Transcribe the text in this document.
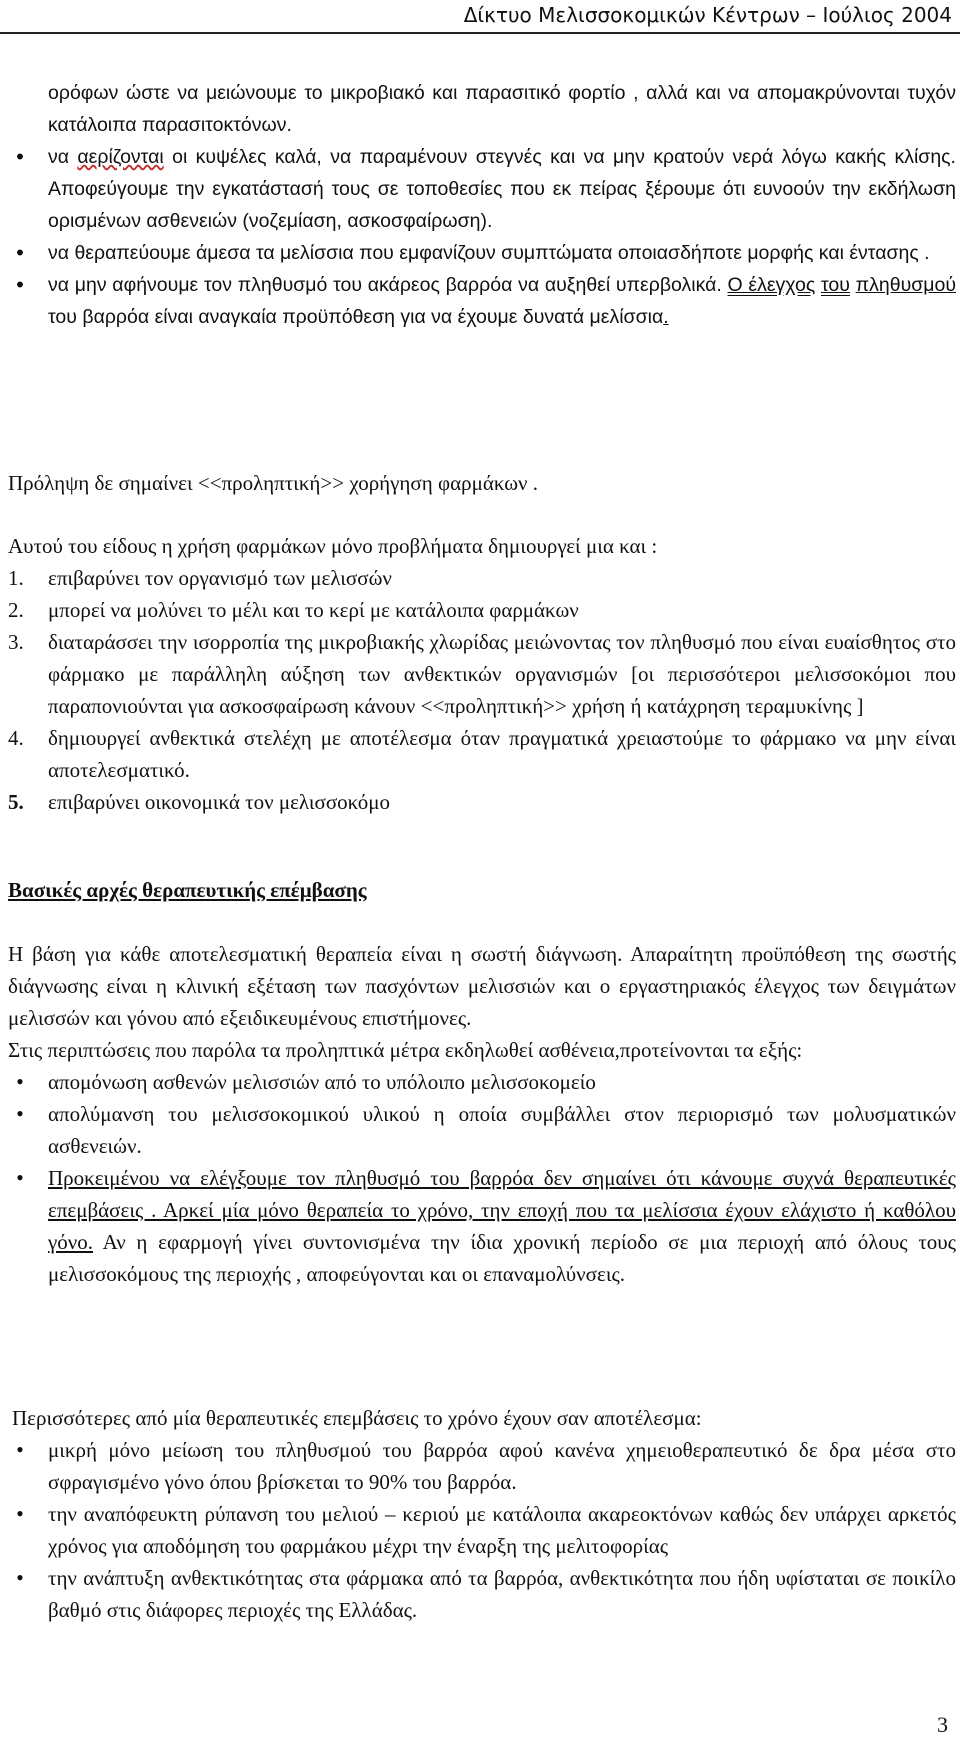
Δίκτυο Μελισσοκομικών Κέντρων – Ιούλιος 2004
ορόφων ώστε να μειώνουμε το μικροβιακό και παρασιτικό φορτίο , αλλά και να απομακρύνονται τυχόν κατάλοιπα παρασιτοκτόνων.
•	να αερίζονται οι κυψέλες καλά, να παραμένουν στεγνές και να μην κρατούν νερά λόγω κακής κλίσης. Αποφεύγουμε την εγκατάστασή τους σε τοποθεσίες που εκ πείρας ξέρουμε ότι ευνοούν την εκδήλωση ορισμένων ασθενειών (νοζεμίαση, ασκοσφαίρωση).
•	να θεραπεύουμε άμεσα τα μελίσσια που εμφανίζουν συμπτώματα οποιασδήποτε μορφής και έντασης .
•	να μην αφήνουμε τον πληθυσμό του ακάρεος βαρρόα να αυξηθεί υπερβολικά. Ο έλεγχος του πληθυσμού του βαρρόα είναι αναγκαία προϋπόθεση για να έχουμε δυνατά μελίσσια.
Πρόληψη δε σημαίνει <<προληπτική>> χορήγηση φαρμάκων .
Αυτού του είδους η χρήση φαρμάκων μόνο προβλήματα δημιουργεί μια και :
1. επιβαρύνει τον οργανισμό των μελισσών
2. μπορεί να μολύνει το μέλι και το κερί με κατάλοιπα φαρμάκων
3. διαταράσσει την ισορροπία της μικροβιακής χλωρίδας μειώνοντας τον πληθυσμό που είναι ευαίσθητος στο φάρμακο με παράλληλη αύξηση των ανθεκτικών οργανισμών [οι περισσότεροι μελισσοκόμοι που παραπονιούνται για ασκοσφαίρωση κάνουν <<προληπτική>> χρήση ή κατάχρηση τεραμυκίνης ]
4. δημιουργεί ανθεκτικά στελέχη με αποτέλεσμα όταν πραγματικά χρειαστούμε το φάρμακο να μην είναι αποτελεσματικό.
5. επιβαρύνει οικονομικά τον μελισσοκόμο
Βασικές αρχές θεραπευτικής επέμβασης
Η βάση για κάθε αποτελεσματική θεραπεία είναι η σωστή διάγνωση. Απαραίτητη προϋπόθεση της σωστής διάγνωσης είναι η κλινική εξέταση των πασχόντων μελισσιών και ο εργαστηριακός έλεγχος των δειγμάτων μελισσών και γόνου από εξειδικευμένους επιστήμονες.
Στις περιπτώσεις που παρόλα τα προληπτικά μέτρα εκδηλωθεί ασθένεια,προτείνονται τα εξής:
•	απομόνωση ασθενών μελισσιών από το υπόλοιπο μελισσοκομείο
•	απολύμανση του μελισσοκομικού υλικού η οποία συμβάλλει στον περιορισμό των μολυσματικών ασθενειών.
•	Προκειμένου να ελέγξουμε τον πληθυσμό του βαρρόα δεν σημαίνει ότι κάνουμε συχνά θεραπευτικές επεμβάσεις . Αρκεί μία μόνο θεραπεία το χρόνο, την εποχή που τα μελίσσια έχουν ελάχιστο ή καθόλου γόνο. Αν η εφαρμογή γίνει συντονισμένα την ίδια χρονική περίοδο σε μια περιοχή από όλους τους μελισσοκόμους της περιοχής , αποφεύγονται και οι επαναμολύνσεις.
Περισσότερες από μία θεραπευτικές επεμβάσεις το χρόνο έχουν σαν αποτέλεσμα:
•	μικρή μόνο μείωση του πληθυσμού του βαρρόα αφού κανένα χημειοθεραπευτικό δε δρα μέσα στο σφραγισμένο γόνο όπου βρίσκεται το 90% του βαρρόα.
•	την αναπόφευκτη ρύπανση του μελιού – κεριού με κατάλοιπα ακαρεοκτόνων καθώς δεν υπάρχει αρκετός χρόνος για αποδόμηση του φαρμάκου μέχρι την έναρξη της μελιτοφορίας
•	την ανάπτυξη ανθεκτικότητας στα φάρμακα από τα βαρρόα, ανθεκτικότητα που ήδη υφίσταται σε ποικίλο βαθμό στις διάφορες περιοχές της Ελλάδας.
3
